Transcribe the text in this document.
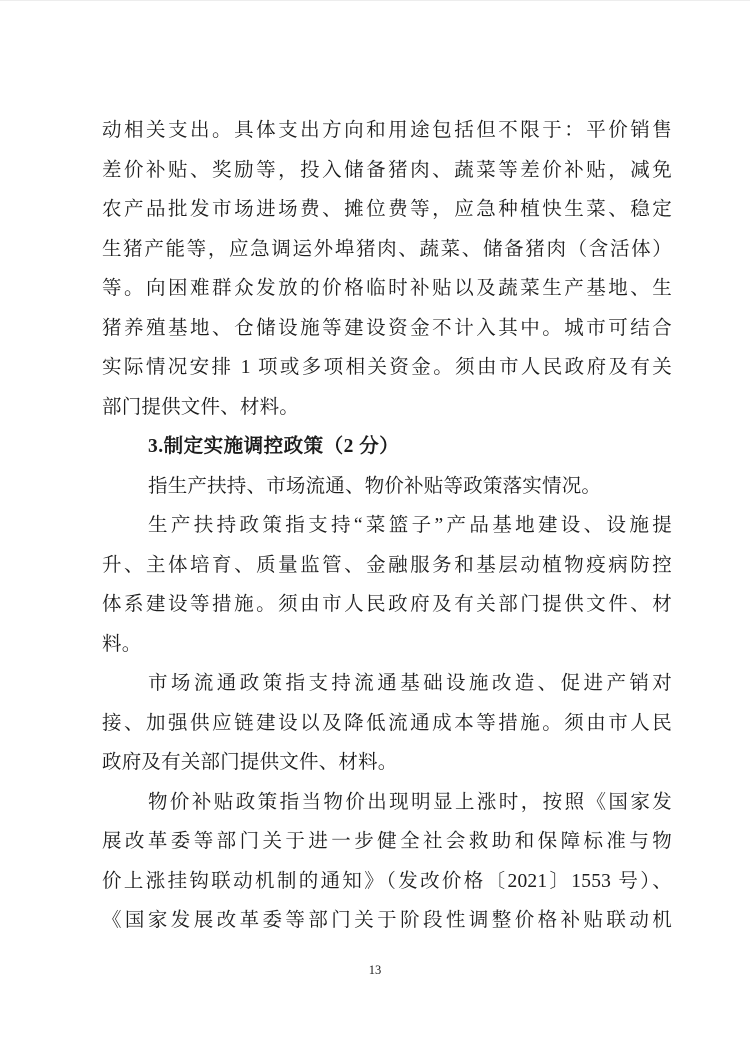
动相关支出。具体支出方向和用途包括但不限于：平价销售
差价补贴、奖励等，投入储备猪肉、蔬菜等差价补贴，减免
农产品批发市场进场费、摊位费等，应急种植快生菜、稳定
生猪产能等，应急调运外埠猪肉、蔬菜、储备猪肉（含活体）
等。向困难群众发放的价格临时补贴以及蔬菜生产基地、生
猪养殖基地、仓储设施等建设资金不计入其中。城市可结合
实际情况安排 1 项或多项相关资金。须由市人民政府及有关
部门提供文件、材料。
3.制定实施调控政策（2 分）
指生产扶持、市场流通、物价补贴等政策落实情况。
生产扶持政策指支持“菜篮子”产品基地建设、设施提
升、主体培育、质量监管、金融服务和基层动植物疫病防控
体系建设等措施。须由市人民政府及有关部门提供文件、材
料。
市场流通政策指支持流通基础设施改造、促进产销对
接、加强供应链建设以及降低流通成本等措施。须由市人民
政府及有关部门提供文件、材料。
物价补贴政策指当物价出现明显上涨时，按照《国家发
展改革委等部门关于进一步健全社会救助和保障标准与物
价上涨挂钩联动机制的通知》（发改价格〔2021〕1553 号）、
《国家发展改革委等部门关于阶段性调整价格补贴联动机
13
